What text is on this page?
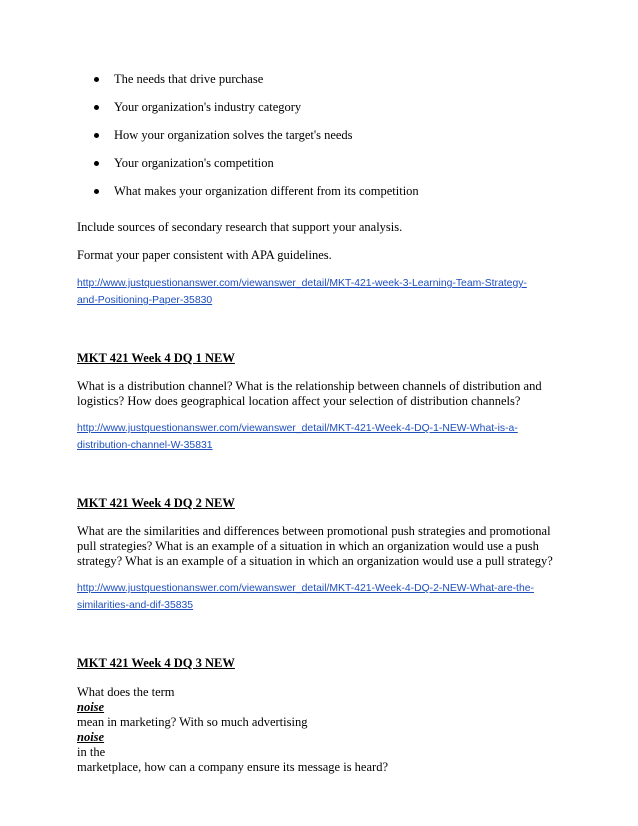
The needs that drive purchase
Your organization's industry category
How your organization solves the target's needs
Your organization's competition
What makes your organization different from its competition
Include sources of secondary research that support your analysis.
Format your paper consistent with APA guidelines.
http://www.justquestionanswer.com/viewanswer_detail/MKT-421-week-3-Learning-Team-Strategy-
and-Positioning-Paper-35830
MKT 421 Week 4 DQ 1 NEW
What is a distribution channel? What is the relationship between channels of distribution and
logistics? How does geographical location affect your selection of distribution channels?
http://www.justquestionanswer.com/viewanswer_detail/MKT-421-Week-4-DQ-1-NEW-What-is-a-
distribution-channel-W-35831
MKT 421 Week 4 DQ 2 NEW
What are the similarities and differences between promotional push strategies and promotional
pull strategies? What is an example of a situation in which an organization would use a push
strategy? What is an example of a situation in which an organization would use a pull strategy?
http://www.justquestionanswer.com/viewanswer_detail/MKT-421-Week-4-DQ-2-NEW-What-are-the-
similarities-and-dif-35835
MKT 421 Week 4 DQ 3 NEW
What does the term
noise
mean in marketing? With so much advertising
noise
in the
marketplace, how can a company ensure its message is heard?
